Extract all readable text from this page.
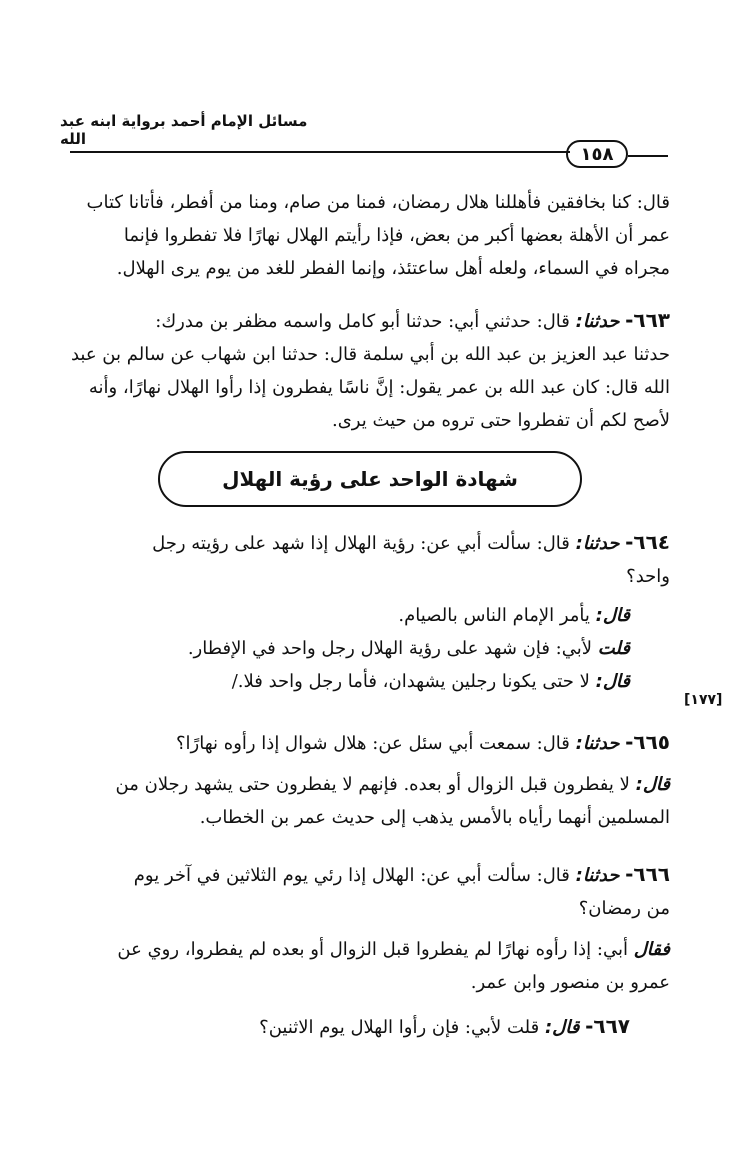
مسائل الإمام أحمد برواية ابنه عبد الله
١٥٨

قال: كنا بخافقين فأهللنا هلال رمضان، فمنا من صام، ومنا من أفطر، فأتانا كتاب

عمر أن الأهلة بعضها أكبر من بعض، فإذا رأيتم الهلال نهارًا فلا تفطروا فإنما

مجراه في السماء، ولعله أهل ساعتئذ، وإنما الفطر للغد من يوم يرى الهلال.

٦٦٣- حدثنا: قال: حدثني أبي: حدثنا أبو كامل واسمه مظفر بن مدرك:

حدثنا عبد العزيز بن عبد الله بن أبي سلمة قال: حدثنا ابن شهاب عن سالم بن عبد

الله قال: كان عبد الله بن عمر يقول: إنَّ ناسًا يفطرون إذا رأوا الهلال نهارًا، وأنه

لأصح لكم أن تفطروا حتى تروه من حيث يرى.

شهادة الواحد على رؤية الهلال

٦٦٤- حدثنا: قال: سألت أبي عن: رؤية الهلال إذا شهد على رؤيته رجل

واحد؟

قال: يأمر الإمام الناس بالصيام.

قلت لأبي: فإن شهد على رؤية الهلال رجل واحد في الإفطار.

قال: لا حتى يكونا رجلين يشهدان، فأما رجل واحد فلا./

[١٧٧]

٦٦٥- حدثنا: قال: سمعت أبي سئل عن: هلال شوال إذا رأوه نهارًا؟

قال: لا يفطرون قبل الزوال أو بعده. فإنهم لا يفطرون حتى يشهد رجلان من

المسلمين أنهما رأياه بالأمس يذهب إلى حديث عمر بن الخطاب.

٦٦٦- حدثنا: قال: سألت أبي عن: الهلال إذا رئي يوم الثلاثين في آخر يوم

من رمضان؟

فقال أبي: إذا رأوه نهارًا لم يفطروا قبل الزوال أو بعده لم يفطروا، روي عن

عمرو بن منصور وابن عمر.

٦٦٧- قال: قلت لأبي: فإن رأوا الهلال يوم الاثنين؟
